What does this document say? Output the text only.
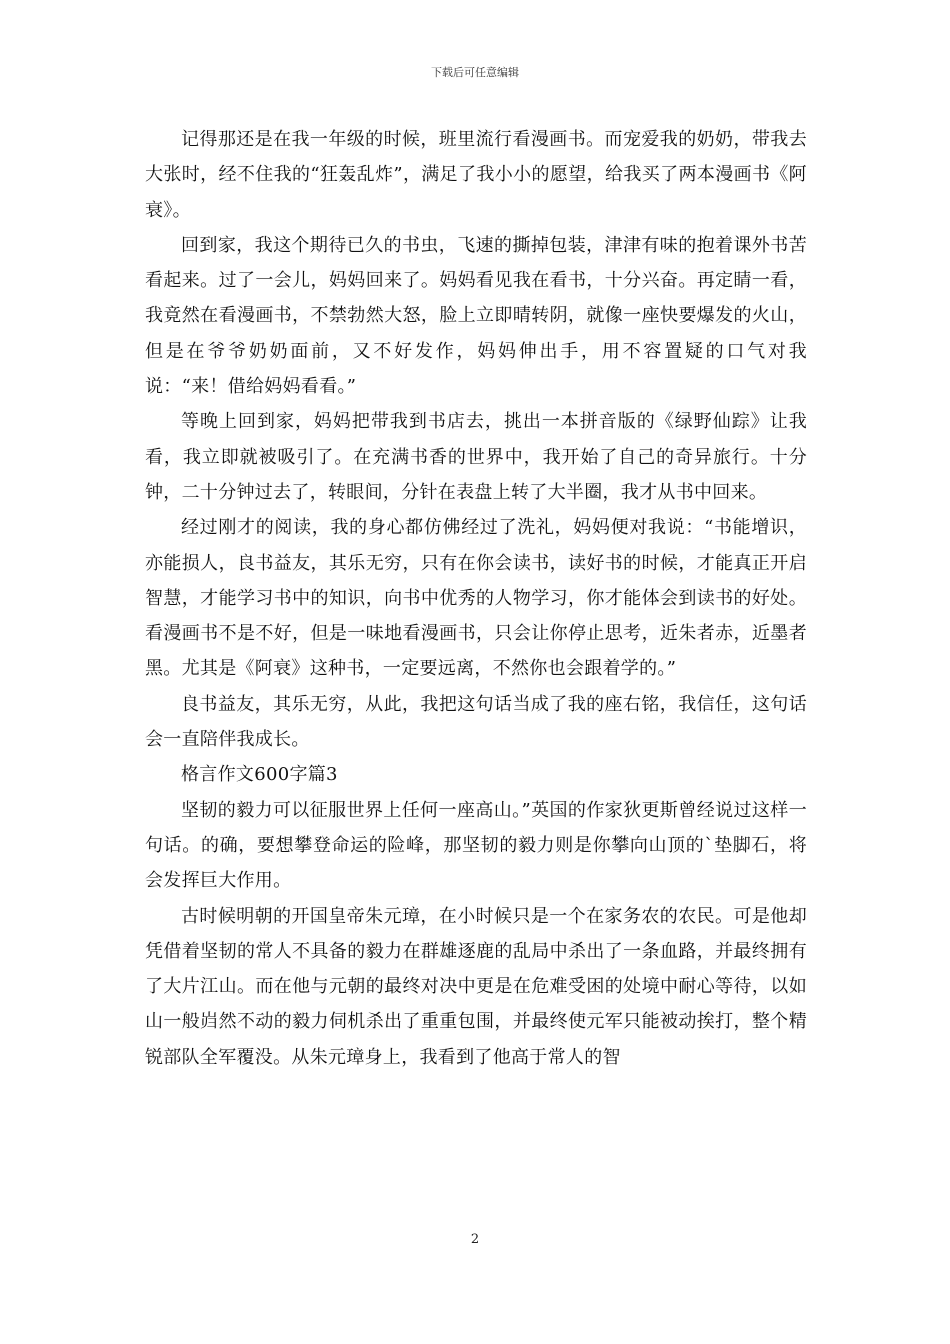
下载后可任意编辑

记得那还是在我一年级的时候，班里流行看漫画书。而宠爱我的奶奶，带我去大张时，经不住我的“狂轰乱炸”，满足了我小小的愿望，给我买了两本漫画书《阿衰》。

回到家，我这个期待已久的书虫，飞速的撕掉包装，津津有味的抱着课外书苦看起来。过了一会儿，妈妈回来了。妈妈看见我在看书，十分兴奋。再定睛一看，我竟然在看漫画书，不禁勃然大怒，脸上立即晴转阴，就像一座快要爆发的火山，但是在爷爷奶奶面前，又不好发作，妈妈伸出手，用不容置疑的口气对我说：“来！借给妈妈看看。”

等晚上回到家，妈妈把带我到书店去，挑出一本拼音版的《绿野仙踪》让我看，我立即就被吸引了。在充满书香的世界中，我开始了自己的奇异旅行。十分钟，二十分钟过去了，转眼间，分针在表盘上转了大半圈，我才从书中回来。

经过刚才的阅读，我的身心都仿佛经过了洗礼，妈妈便对我说：“书能增识，亦能损人，良书益友，其乐无穷，只有在你会读书，读好书的时候，才能真正开启智慧，才能学习书中的知识，向书中优秀的人物学习，你才能体会到读书的好处。看漫画书不是不好，但是一味地看漫画书，只会让你停止思考，近朱者赤，近墨者黑。尤其是《阿衰》这种书，一定要远离，不然你也会跟着学的。”

良书益友，其乐无穷，从此，我把这句话当成了我的座右铭，我信任，这句话会一直陪伴我成长。

格言作文600字篇3

坚韧的毅力可以征服世界上任何一座高山。”英国的作家狄更斯曾经说过这样一句话。的确，要想攀登命运的险峰，那坚韧的毅力则是你攀向山顶的`垫脚石，将会发挥巨大作用。

古时候明朝的开国皇帝朱元璋，在小时候只是一个在家务农的农民。可是他却凭借着坚韧的常人不具备的毅力在群雄逐鹿的乱局中杀出了一条血路，并最终拥有了大片江山。而在他与元朝的最终对决中更是在危难受困的处境中耐心等待，以如山一般岿然不动的毅力伺机杀出了重重包围，并最终使元军只能被动挨打，整个精锐部队全军覆没。从朱元璋身上，我看到了他高于常人的智

2
